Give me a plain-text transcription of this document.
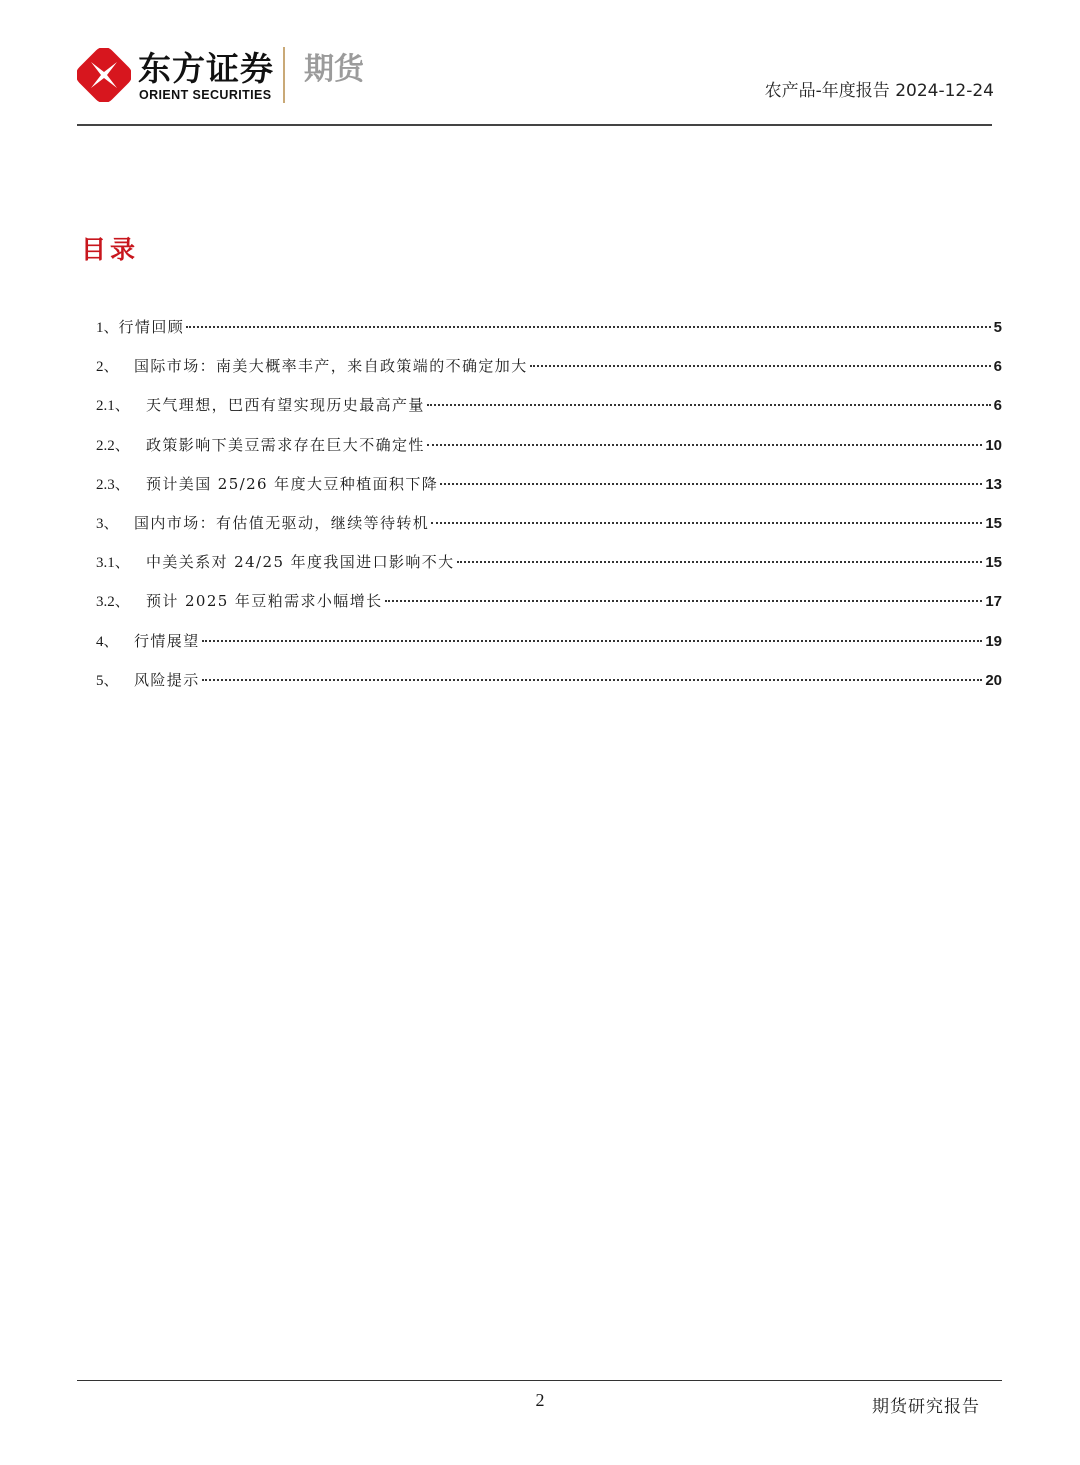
东方证券
ORIENT SECURITIES
期货
农产品-年度报告 2024-12-24
目录
1、 行情回顾	5
2、	国际市场：南美大概率丰产，来自政策端的不确定加大	6
2.1、	天气理想，巴西有望实现历史最高产量	6
2.2、	政策影响下美豆需求存在巨大不确定性	10
2.3、	预计美国 25/26 年度大豆种植面积下降	13
3、	国内市场：有估值无驱动，继续等待转机	15
3.1、	中美关系对 24/25 年度我国进口影响不大	15
3.2、	预计 2025 年豆粕需求小幅增长	17
4、	行情展望	19
5、	风险提示	20
2	期货研究报告
